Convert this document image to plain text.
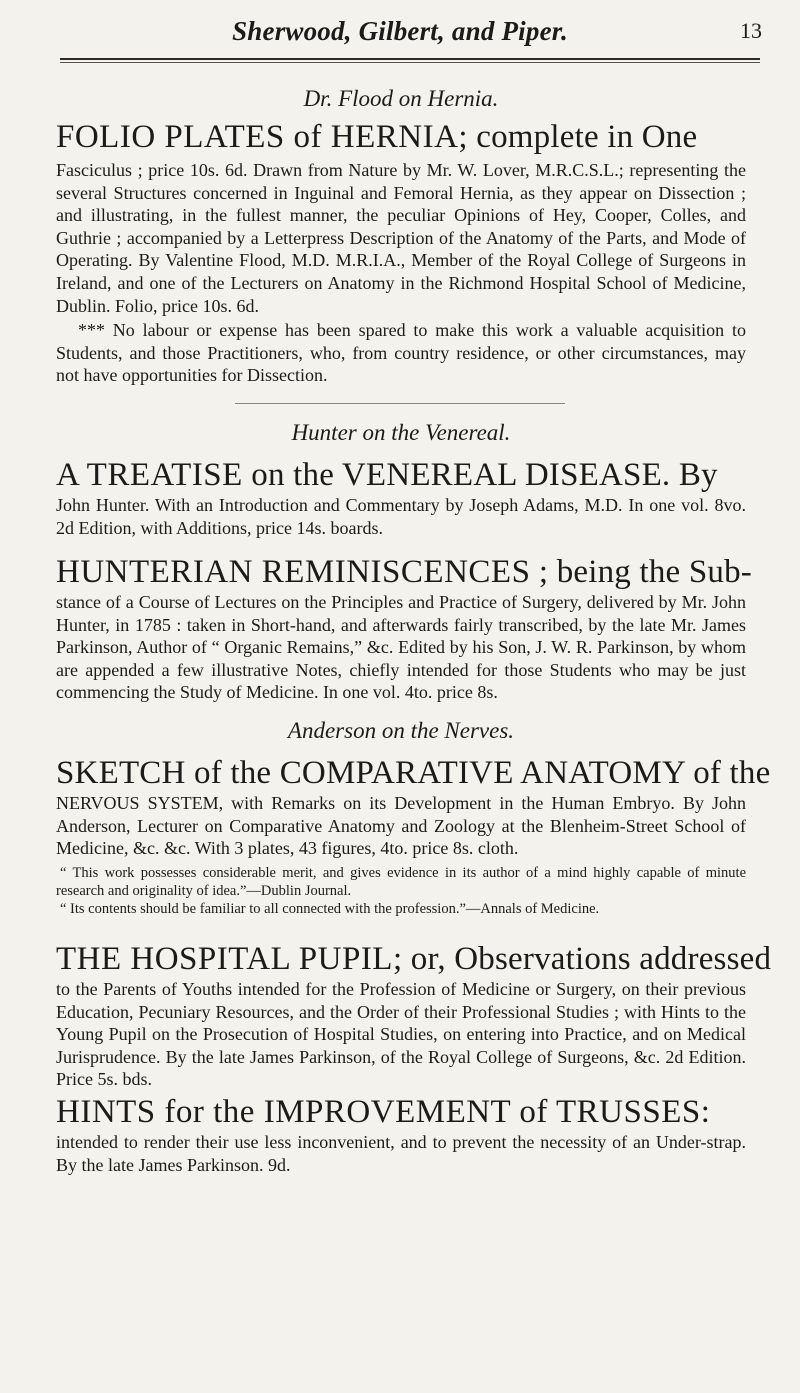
Sherwood, Gilbert, and Piper.	13
Dr. Flood on Hernia.
FOLIO PLATES of HERNIA; complete in One
Fasciculus ; price 10s. 6d. Drawn from Nature by Mr. W. Lover, M.R.C.S.L.; representing the several Structures concerned in Inguinal and Femoral Hernia, as they appear on Dissection ; and illustrating, in the fullest manner, the peculiar Opinions of Hey, Cooper, Colles, and Guthrie ; accompanied by a Letterpress Description of the Anatomy of the Parts, and Mode of Operating. By Valentine Flood, M.D. M.R.I.A., Member of the Royal College of Surgeons in Ireland, and one of the Lecturers on Anatomy in the Richmond Hospital School of Medicine, Dublin. Folio, price 10s. 6d.
*** No labour or expense has been spared to make this work a valuable acquisition to Students, and those Practitioners, who, from country residence, or other circumstances, may not have opportunities for Dissection.
Hunter on the Venereal.
A TREATISE on the VENEREAL DISEASE. By
John Hunter. With an Introduction and Commentary by Joseph Adams, M.D. In one vol. 8vo. 2d Edition, with Additions, price 14s. boards.
HUNTERIAN REMINISCENCES ; being the Sub-
stance of a Course of Lectures on the Principles and Practice of Surgery, delivered by Mr. John Hunter, in 1785 : taken in Short-hand, and afterwards fairly transcribed, by the late Mr. James Parkinson, Author of “ Organic Remains,” &c. Edited by his Son, J. W. R. Parkinson, by whom are appended a few illustrative Notes, chiefly intended for those Students who may be just commencing the Study of Medicine. In one vol. 4to. price 8s.
Anderson on the Nerves.
SKETCH of the COMPARATIVE ANATOMY of the
NERVOUS SYSTEM, with Remarks on its Development in the Human Embryo. By John Anderson, Lecturer on Comparative Anatomy and Zoology at the Blenheim-Street School of Medicine, &c. &c. With 3 plates, 43 figures, 4to. price 8s. cloth.
“ This work possesses considerable merit, and gives evidence in its author of a mind highly capable of minute research and originality of idea.”—Dublin Journal.
“ Its contents should be familiar to all connected with the profession.”—Annals of Medicine.
THE HOSPITAL PUPIL; or, Observations addressed
to the Parents of Youths intended for the Profession of Medicine or Surgery, on their previous Education, Pecuniary Resources, and the Order of their Professional Studies ; with Hints to the Young Pupil on the Prosecution of Hospital Studies, on entering into Practice, and on Medical Jurisprudence. By the late James Parkinson, of the Royal College of Surgeons, &c. 2d Edition. Price 5s. bds.
HINTS for the IMPROVEMENT of TRUSSES:
intended to render their use less inconvenient, and to prevent the necessity of an Under-strap. By the late James Parkinson. 9d.
